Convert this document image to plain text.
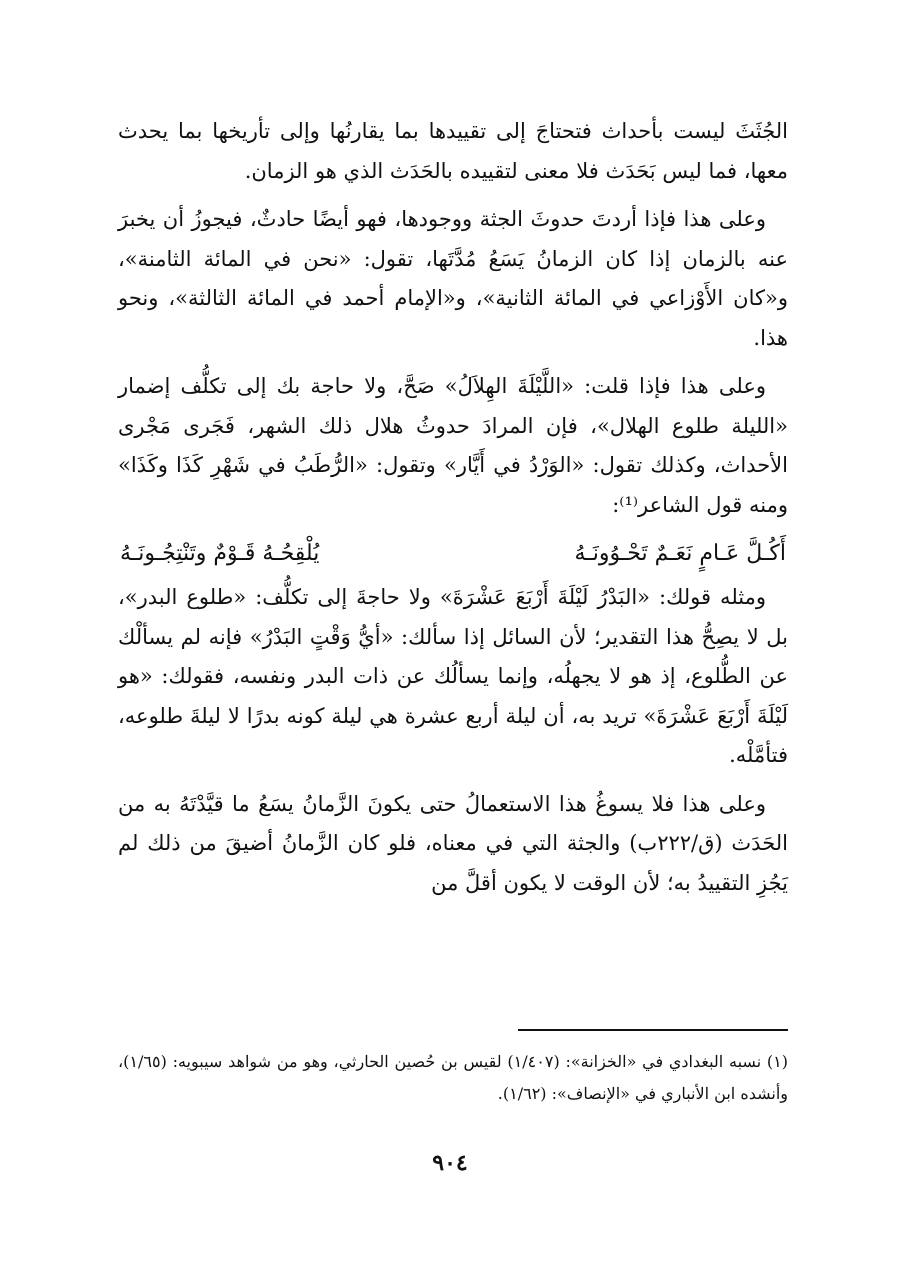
الجُثَثَ ليست بأحداث فتحتاجَ إلى تقييدها بما يقارنُها وإلى تأريخها بما يحدث معها، فما ليس بَحَدَث فلا معنى لتقييده بالحَدَث الذي هو الزمان.

وعلى هذا فإذا أردتَ حدوثَ الجثة ووجودها، فهو أيضًا حادثٌ، فيجوزُ أن يخبرَ عنه بالزمان إذا كان الزمانُ يَسَعُ مُدَّتَها، تقول: «نحن في المائة الثامنة»، و«كان الأَوْزاعي في المائة الثانية»، و«الإمام أحمد في المائة الثالثة»، ونحو هذا.

وعلى هذا فإذا قلت: «اللَّيْلَةَ الهِلاَلُ» صَحَّ، ولا حاجة بك إلى تكلُّف إضمار «الليلة طلوع الهلال»، فإن المرادَ حدوثُ هلال ذلك الشهر، فَجَرى مَجْرى الأحداث، وكذلك تقول: «الوَرْدُ في أَيَّار» وتقول: «الرُّطَبُ في شَهْرِ كَذَا وكَذَا» ومنه قول الشاعر⁽¹⁾:

أَكُـلَّ عَـامٍ نَعَـمٌ تَحْـوُونَـهُ
يُلْقِحُـهُ قَـوْمٌ وتَنْتِجُـونَـهُ

ومثله قولك: «البَدْرُ لَيْلَةَ أَرْبَعَ عَشْرَةَ» ولا حاجةَ إلى تكلُّف: «طلوع البدر»، بل لا يصِحُّ هذا التقدير؛ لأن السائل إذا سألك: «أيُّ وَقْتٍ البَدْرُ» فإنه لم يسألْك عن الطُّلوع، إذ هو لا يجهلُه، وإنما يسألُك عن ذات البدر ونفسه، فقولك: «هو لَيْلَةَ أَرْبَعَ عَشْرَةَ» تريد به، أن ليلة أربع عشرة هي ليلة كونه بدرًا لا ليلةَ طلوعه، فتأمَّلْه.

وعلى هذا فلا يسوغُ هذا الاستعمالُ حتى يكونَ الزَّمانُ يسَعُ ما قيَّدْتَهُ به من الحَدَث (ق/٢٢٢ب) والجثة التي في معناه، فلو كان الزَّمانُ أضيقَ من ذلك لم يَجُزِ التقييدُ به؛ لأن الوقت لا يكون أقلَّ من

(١) نسبه البغدادي في «الخزانة»: (١/٤٠٧) لقيس بن حُصين الحارثي، وهو من شواهد سيبويه: (١/٦٥)، وأنشده ابن الأنباري في «الإنصاف»: (١/٦٢).

٩٠٤
